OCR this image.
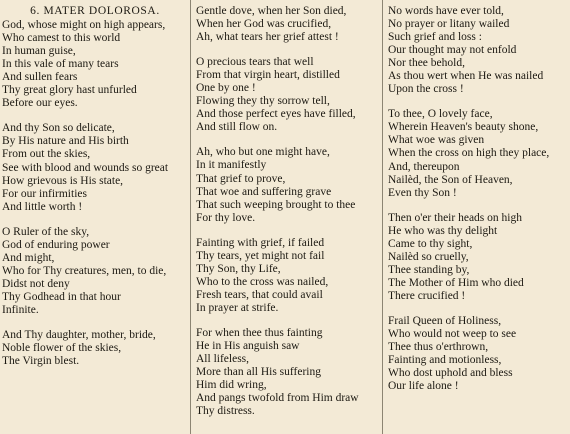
6. MATER DOLOROSA.
God, whose might on high appears,
Who camest to this world
In human guise,
In this vale of many tears
And sullen fears
Thy great glory hast unfurled
Before our eyes.
And thy Son so delicate,
By His nature and His birth
From out the skies,
See with blood and wounds so great
How grievous is His state,
For our infirmities
And little worth !
O Ruler of the sky,
God of enduring power
And might,
Who for Thy creatures, men, to die,
Didst not deny
Thy Godhead in that hour
Infinite.
And Thy daughter, mother, bride,
Noble flower of the skies,
The Virgin blest.
Gentle dove, when her Son died,
When her God was crucified,
Ah, what tears her grief attest !
O precious tears that well
From that virgin heart, distilled
One by one !
Flowing they thy sorrow tell,
And those perfect eyes have filled,
And still flow on.
Ah, who but one might have,
In it manifestly
That grief to prove,
That woe and suffering grave
That such weeping brought to thee
For thy love.
Fainting with grief, if failed
Thy tears, yet might not fail
Thy Son, thy Life,
Who to the cross was nailed,
Fresh tears, that could avail
In prayer at strife.
For when thee thus fainting
He in His anguish saw
All lifeless,
More than all His suffering
Him did wring,
And pangs twofold from Him draw
Thy distress.
No words have ever told,
No prayer or litany wailed
Such grief and loss :
Our thought may not enfold
Nor thee behold,
As thou wert when He was nailed
Upon the cross !
To thee, O lovely face,
Wherein Heaven's beauty shone,
What woe was given
When the cross on high they place,
And, thereupon
Nailèd, the Son of Heaven,
Even thy Son !
Then o'er their heads on high
He who was thy delight
Came to thy sight,
Nailèd so cruelly,
Thee standing by,
The Mother of Him who died
There crucified !
Frail Queen of Holiness,
Who would not weep to see
Thee thus o'erthrown,
Fainting and motionless,
Who dost uphold and bless
Our life alone !
